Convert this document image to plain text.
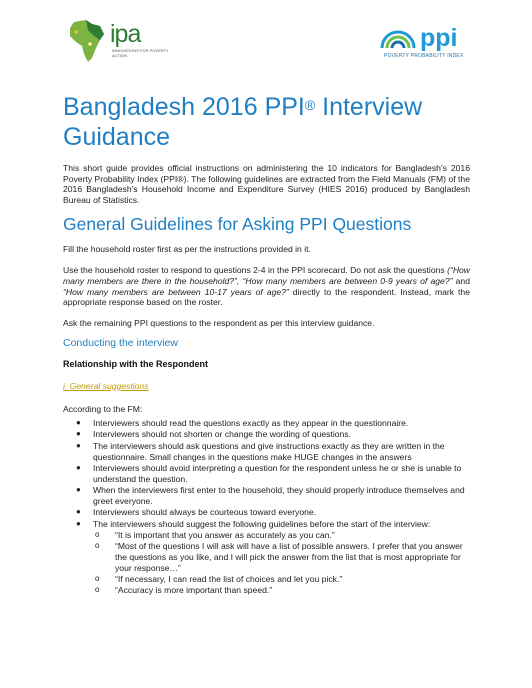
ipa
INNOVATIONS FOR POVERTY ACTION
ppi
POVERTY PROBABILITY INDEX
Bangladesh 2016 PPI® Interview Guidance
This short guide provides official instructions on administering the 10 indicators for Bangladesh’s 2016 Poverty Probability Index (PPI®). The following guidelines are extracted from the Field Manuals (FM) of the 2016 Bangladesh’s Household Income and Expenditure Survey (HIES 2016) produced by Bangladesh Bureau of Statistics.
General Guidelines for Asking PPI Questions
Fill the household roster first as per the instructions provided in it.
Use the household roster to respond to questions 2-4 in the PPI scorecard. Do not ask the questions (“How many members are there in the household?”, “How many members are between 0-9 years of age?” and “How many members are between 10-17 years of age?” directly to the respondent. Instead, mark the appropriate response based on the roster.
Ask the remaining PPI questions to the respondent as per this interview guidance.
Conducting the interview
Relationship with the Respondent
i. General suggestions
According to the FM:
● Interviewers should read the questions exactly as they appear in the questionnaire.
● Interviewers should not shorten or change the wording of questions.
● The interviewers should ask questions and give instructions exactly as they are written in the questionnaire. Small changes in the questions make HUGE changes in the answers
● Interviewers should avoid interpreting a question for the respondent unless he or she is unable to understand the question.
● When the interviewers first enter to the household, they should properly introduce themselves and greet everyone.
● Interviewers should always be courteous toward everyone.
● The interviewers should suggest the following guidelines before the start of the interview:
o “It is important that you answer as accurately as you can.”
o “Most of the questions I will ask will have a list of possible answers. I prefer that you answer the questions as you like, and I will pick the answer from the list that is most appropriate for your response…”
o “If necessary, I can read the list of choices and let you pick.”
o “Accuracy is more important than speed.”
